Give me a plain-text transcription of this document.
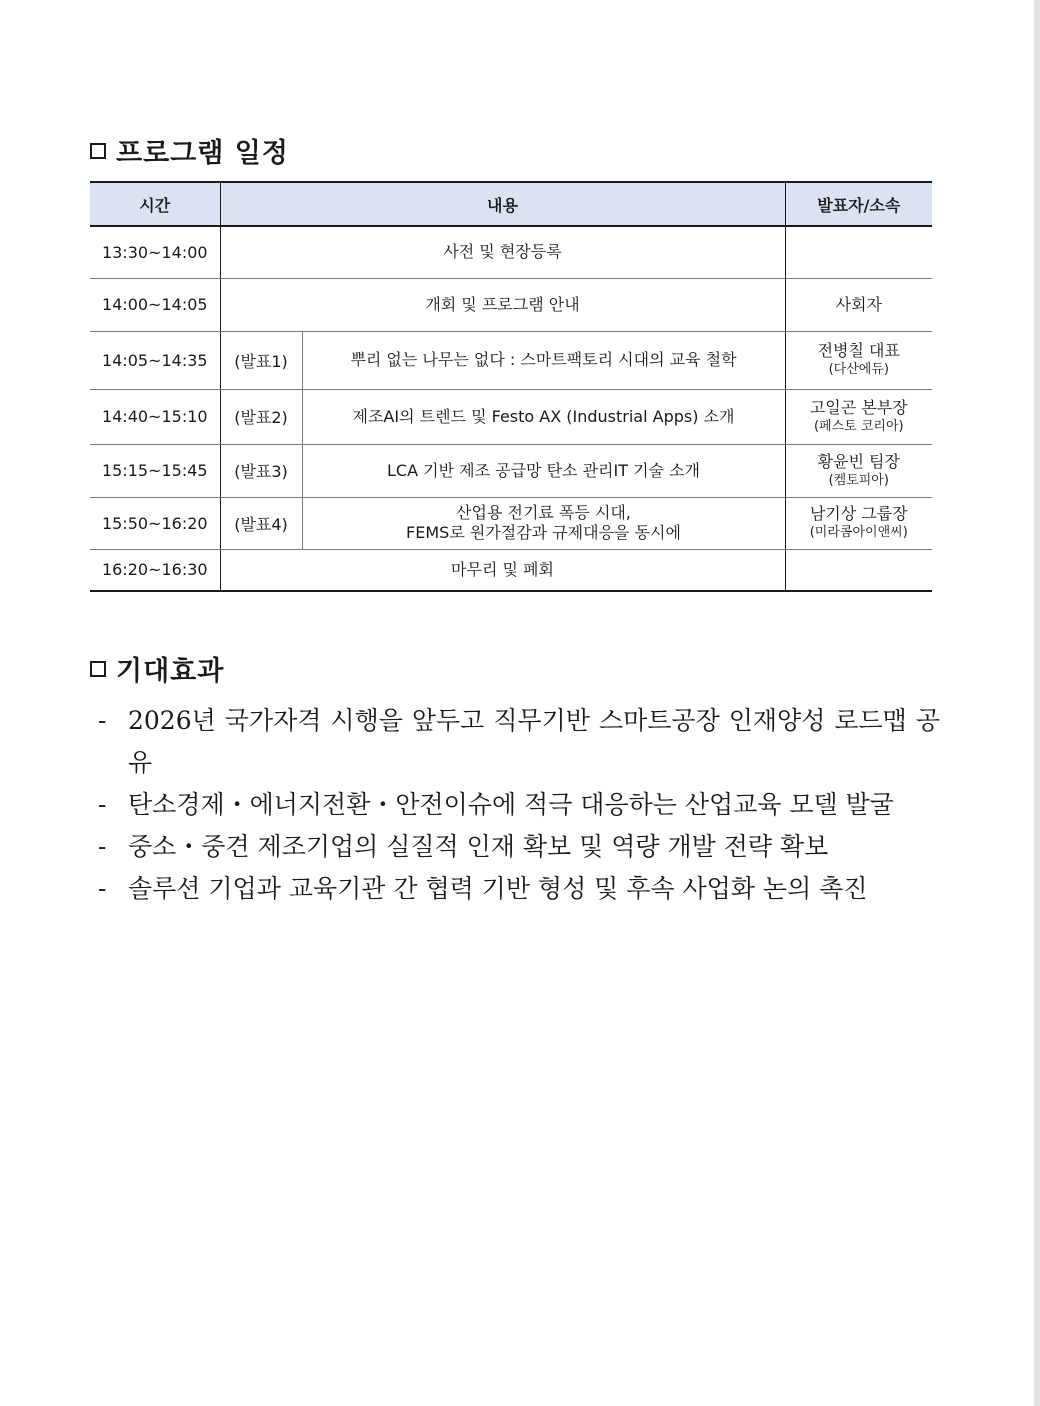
프로그램 일정
시간	내용		발표자/소속
13:30~14:00	사전 및 현장등록		
14:00~14:05	개회 및 프로그램 안내		사회자
14:05~14:35	(발표1)	뿌리 없는 나무는 없다 : 스마트팩토리 시대의 교육 철학	전병칠 대표
(다산에듀)

14:40~15:10	(발표2)	제조AI의 트렌드 및 Festo AX (Industrial Apps) 소개	고일곤 본부장
(페스토 코리아)

15:15~15:45	(발표3)	LCA 기반 제조 공급망 탄소 관리IT 기술 소개	황윤빈 팀장
(켐토피아)

15:50~16:20	(발표4)	산업용 전기료 폭등 시대,
FEMS로 원가절감과 규제대응을 동시에	남기상 그룹장
(미라콤아이앤씨)

16:20~16:30	마무리 및 폐회		
기대효과
- 2026년 국가자격 시행을 앞두고 직무기반 스마트공장 인재양성 로드맵 공유
- 탄소경제・에너지전환・안전이슈에 적극 대응하는 산업교육 모델 발굴
- 중소・중견 제조기업의 실질적 인재 확보 및 역량 개발 전략 확보
- 솔루션 기업과 교육기관 간 협력 기반 형성 및 후속 사업화 논의 촉진
